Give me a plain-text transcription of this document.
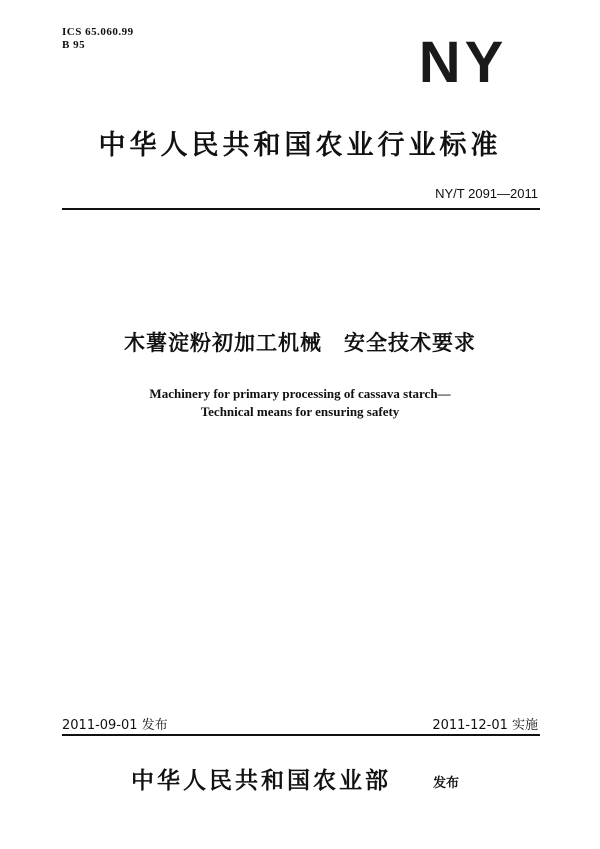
ICS 65.060.99
B 95	NY
中华人民共和国农业行业标准
NY/T 2091—2011
木薯淀粉初加工机械　安全技术要求
Machinery for primary processing of cassava starch—
Technical means for ensuring safety
2011-09-01 发布	2011-12-01 实施
中华人民共和国农业部	发布
